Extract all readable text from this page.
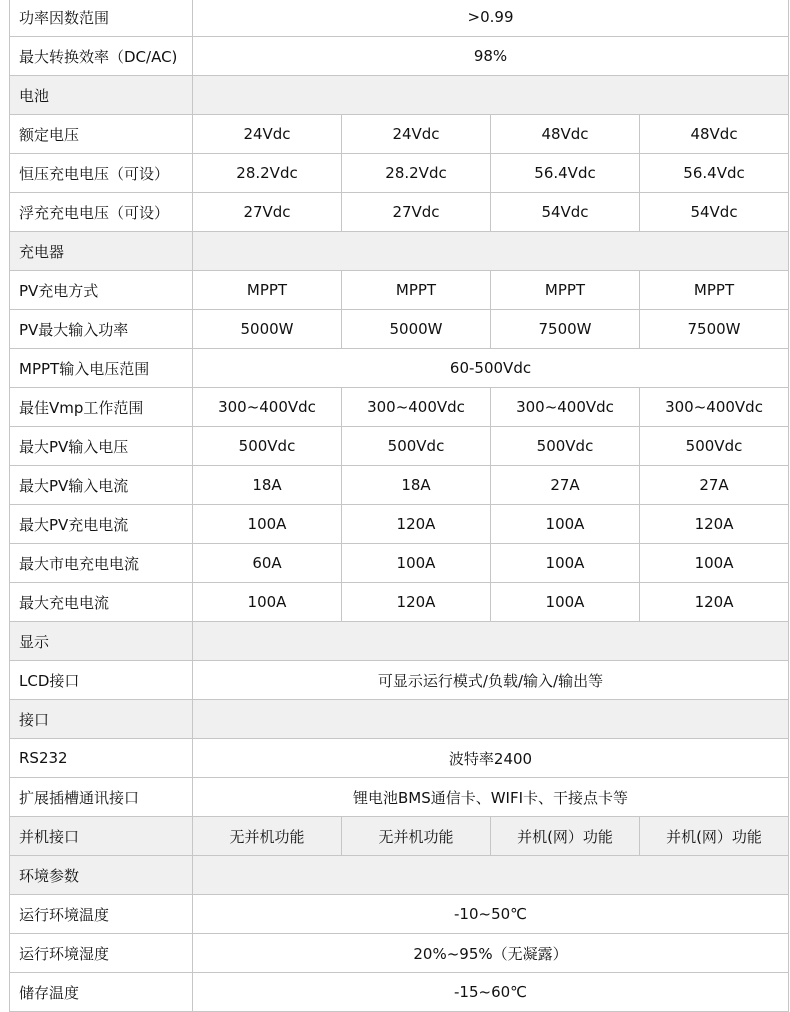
功率因数范围	>0.99			
最大转换效率（DC/AC)	98%			
电池				
额定电压	24Vdc	24Vdc	48Vdc	48Vdc
恒压充电电压（可设）	28.2Vdc	28.2Vdc	56.4Vdc	56.4Vdc
浮充充电电压（可设）	27Vdc	27Vdc	54Vdc	54Vdc
充电器				
PV充电方式	MPPT	MPPT	MPPT	MPPT
PV最大输入功率	5000W	5000W	7500W	7500W
MPPT输入电压范围	60-500Vdc			
最佳Vmp工作范围	300~400Vdc	300~400Vdc	300~400Vdc	300~400Vdc
最大PV输入电压	500Vdc	500Vdc	500Vdc	500Vdc
最大PV输入电流	18A	18A	27A	27A
最大PV充电电流	100A	120A	100A	120A
最大市电充电电流	60A	100A	100A	100A
最大充电电流	100A	120A	100A	120A
显示				
LCD接口	可显示运行模式/负载/输入/输出等			
接口				
RS232	波特率2400			
扩展插槽通讯接口	锂电池BMS通信卡、WIFI卡、干接点卡等			
并机接口	无并机功能	无并机功能	并机(网）功能	并机(网）功能
环境参数				
运行环境温度	-10~50℃			
运行环境湿度	20%~95%（无凝露）			
储存温度	-15~60℃			
